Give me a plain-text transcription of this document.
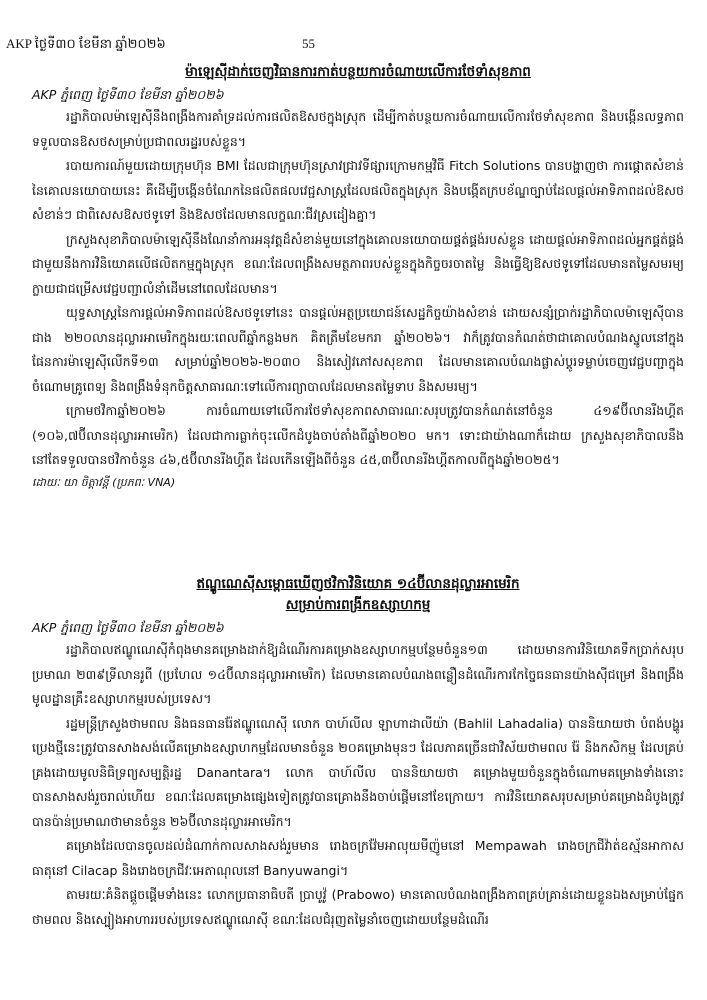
AKP ថ្ងៃទី៣០ ខែមីនា ឆ្នាំ២០២៦	55

ម៉ាឡេស៊ីដាក់ចេញវិធានការកាត់បន្ថយការចំណាយលើការថែទាំសុខភាព

AKP ភ្នំពេញ ថ្ងៃទី៣០ ខែមីនា ឆ្នាំ២០២៦

រដ្ឋាភិបាលម៉ាឡេស៊ីនឹងពង្រឹងការគាំទ្រដល់ការផលិតឱសថក្នុងស្រុក ដើម្បីកាត់បន្ថយការចំណាយលើការថែទាំសុខភាព និងបង្កើនលទ្ធភាពទទួលបានឱសថសម្រាប់ប្រជាពលរដ្ឋរបស់ខ្លួន។

របាយការណ៍មួយដោយក្រុមហ៊ុន BMI ដែលជាក្រុមហ៊ុនស្រាវជ្រាវទីផ្សារក្រោមកម្មវិធី Fitch Solutions បានបង្ហាញថា ការផ្តោតសំខាន់នៃគោលនយោបាយនេះ គឺដើម្បីបង្កើនចំណែកនៃផលិតផលវេជ្ជសាស្ត្រដែលផលិតក្នុងស្រុក និងបង្កើតក្របខ័ណ្ឌច្បាប់ដែលផ្តល់អាទិភាពដល់ឱសថសំខាន់ៗ ជាពិសេសឱសថទូទៅ និងឱសថដែលមានលក្ខណៈជីវស្រដៀងគ្នា។

ក្រសួងសុខាភិបាលម៉ាឡេស៊ីនឹងណែនាំការអនុវត្តដ៏សំខាន់មួយនៅក្នុងគោលនយោបាយផ្គត់ផ្គង់របស់ខ្លួន ដោយផ្តល់អាទិភាពដល់អ្នកផ្គត់ផ្គង់ជាមួយនឹងការវិនិយោគលើផលិតកម្មក្នុងស្រុក ខណៈដែលពង្រឹងសមត្ថភាពរបស់ខ្លួនក្នុងកិច្ចចរចាតម្លៃ និងធ្វើឱ្យឱសថទូទៅដែលមានតម្លៃសមរម្យក្លាយជាជម្រើសវេជ្ជបញ្ជាលំនាំដើមនៅពេលដែលមាន។

យុទ្ធសាស្ត្រនៃការផ្តល់អាទិភាពដល់ឱសថទូទៅនេះ បានផ្តល់អត្ថប្រយោជន៍សេដ្ឋកិច្ចយ៉ាងសំខាន់ ដោយសន្សំប្រាក់រដ្ឋាភិបាលម៉ាឡេស៊ីបានជាង ២២០លានដុល្លារអាមេរិកក្នុងរយៈពេលពីឆ្នាំកន្លងមក គិតត្រឹមខែមករា ឆ្នាំ២០២៦។ វាក៏ត្រូវបានកំណត់ថាជាគោលបំណងស្នូលនៅក្នុងផែនការម៉ាឡេស៊ីលើកទី១៣ សម្រាប់ឆ្នាំ២០២៦-២០៣០ និងសៀវភៅសសុខភាព ដែលមានគោលបំណងផ្លាស់ប្តូរទម្លាប់ចេញវេជ្ជបញ្ជាក្នុងចំណោមគ្រូពេទ្យ និងពង្រឹងទំនុកចិត្តសាធារណៈទៅលើការព្យាបាលដែលមានតម្លៃទាប និងសមរម្យ។

ក្រោមថវិកាឆ្នាំ២០២៦ ការចំណាយទៅលើការថែទាំសុខភាពសាធារណៈសរុបត្រូវបានកំណត់នៅចំនួន ៤១៩ប៊ីលានរីងហ្គីត (១០៦,៧ប៊ីលានដុល្លារអាមេរិក) ដែលជាការធ្លាក់ចុះលើកដំបូងចាប់តាំងពីឆ្នាំ២០២០ មក។ ទោះជាយ៉ាងណាក៏ដោយ ក្រសួងសុខាភិបាលនឹងនៅតែទទួលបានថវិកាចំនួន ៤៦,៥ប៊ីលានរីងហ្គីត ដែលកើនឡើងពីចំនួន ៤៥,៣ប៊ីលានរីងហ្គីតកាលពីក្នុងឆ្នាំ២០២៥។

ដោយៈ យា ចិត្តាវន្តី (ប្រភពៈ VNA)

ឥណ្ឌូណេស៊ីសម្ពោធឃើញថវិកាវិនិយោគ ១៤ប៊ីលានដុល្លារអាមេរិក

សម្រាប់ការពង្រីកឧស្សាហកម្ម

AKP ភ្នំពេញ ថ្ងៃទី៣០ ខែមីនា ឆ្នាំ២០២៦

រដ្ឋាភិបាលឥណ្ឌូណេស៊ីកំពុងមានគម្រោងដាក់ឱ្យដំណើរការគម្រោងឧស្សាហកម្មបន្ថែមចំនួន១៣ ដោយមានការវិនិយោគទឹកប្រាក់សរុបប្រមាណ ២៣៩ទ្រីលានរូពី (ប្រហែល ១៤ប៊ីលានដុល្លារអាមេរិក) ដែលមានគោលបំណងពន្លឿនដំណើរការកែច្នៃធនធានយ៉ាងស៊ីជម្រៅ និងពង្រឹងមូលដ្ឋានគ្រឹះឧស្សាហកម្មរបស់ប្រទេស។

រដ្ឋមន្ត្រីក្រសួងថាមពល និងធនធានរ៉ែឥណ្ឌូណេស៊ី លោក បាហ៍លីល ឡាហាដាលីយ៉ា (Bahlil Lahadalia) បាននិយាយថា បំពង់បង្ហូរប្រេងថ្មីនេះត្រូវបានសាងសង់លើគម្រោងឧស្សាហកម្មដែលមានចំនួន ២០គម្រោងមុនៗ ដែលភាគច្រើនជាវិស័យថាមពល រ៉ែ និងកសិកម្ម ដែលគ្រប់គ្រងដោយមូលនិធិទ្រព្យសម្បត្តិរដ្ឋ Danantara។ លោក បាហ៍លីល បាននិយាយថា គម្រោងមួយចំនួនក្នុងចំណោមគម្រោងទាំងនោះបានសាងសង់រួចរាល់ហើយ ខណៈដែលគម្រោងផ្សេងទៀតត្រូវបានគ្រោងនឹងចាប់ផ្តើមនៅខែក្រោយ។ ការវិនិយោគសរុបសម្រាប់គម្រោងដំបូងត្រូវបានប៉ាន់ប្រមាណថាមានចំនួន ២៦ប៊ីលានដុល្លារអាមេរិក។

គម្រោងដែលបានចូលដល់ដំណាក់កាលសាងសង់រួមមាន រោងចក្រវ៉ែមអាលុយមីញ៉ូមនៅ Mempawah រោងចក្រជីវ៉ាត់ឧស្ម័នអាកាសធាតុនៅ Cilacap និងរោងចក្រជីវៈអេតាណុលនៅ Banyuwangi។

តាមរយៈគំនិតផ្តួចផ្តើមទាំងនេះ លោកប្រធានាធិបតី ប្រាបូវ៉ូ (Prabowo) មានគោលបំណងពង្រឹងភាពគ្រប់គ្រាន់ដោយខ្លួនឯងសម្រាប់ផ្នែកថាមពល និងស្បៀងអាហាររបស់ប្រទេសឥណ្ឌូណេស៊ី ខណៈដែលជំរុញតម្លៃនាំចេញដោយបន្ថែមដំណើរ
